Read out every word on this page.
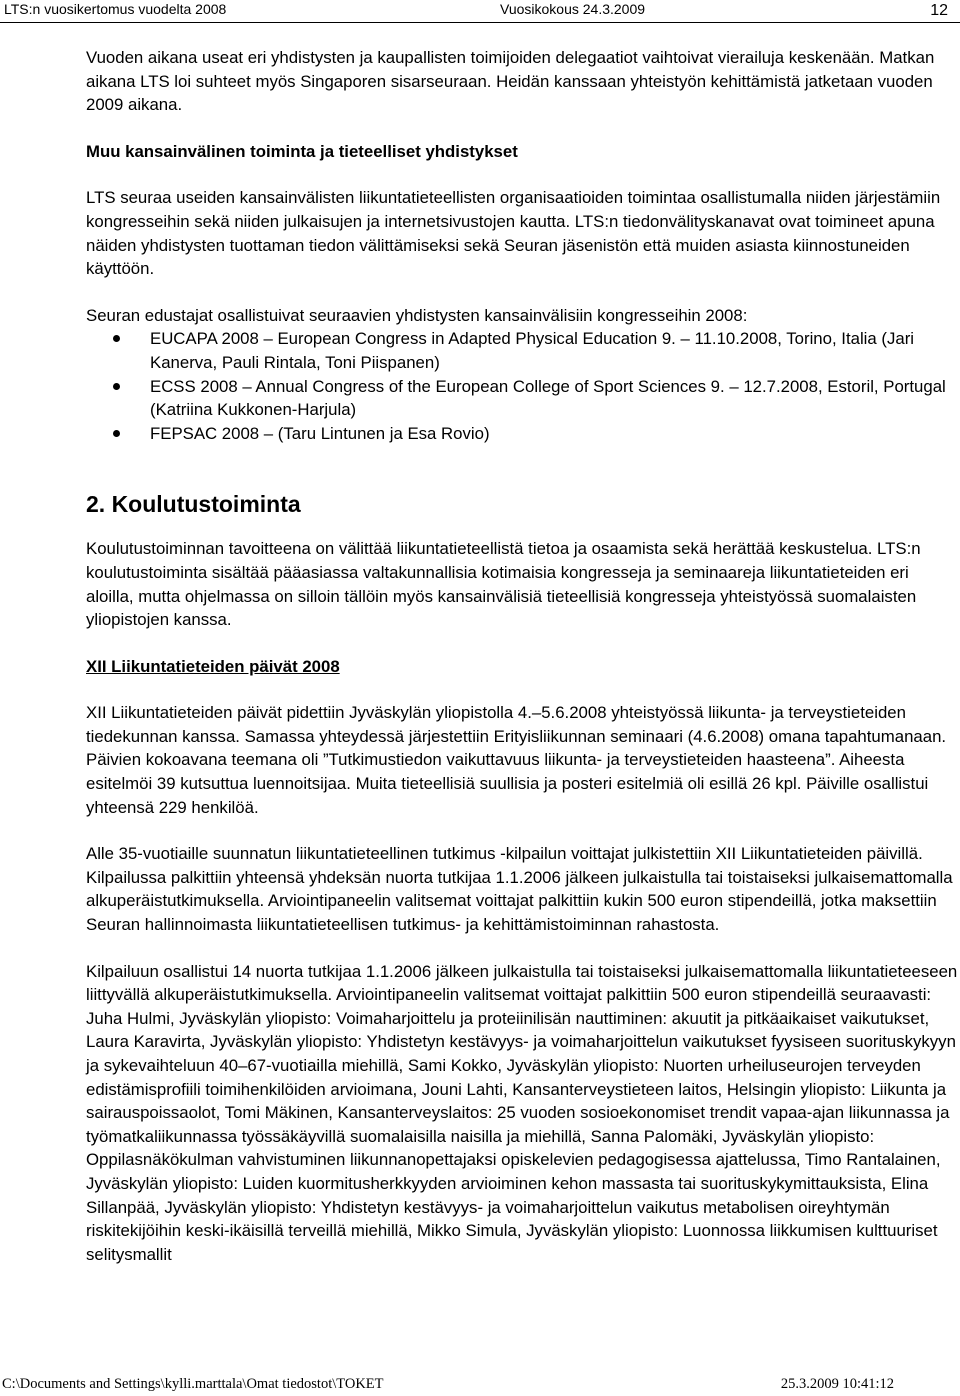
LTS:n vuosikertomus vuodelta 2008	Vuosikokous 24.3.2009	12

Vuoden aikana useat eri yhdistysten ja kaupallisten toimijoiden delegaatiot vaihtoivat vierailuja keskenään. Matkan aikana LTS loi suhteet myös Singaporen sisarseuraan. Heidän kanssaan yhteistyön kehittämistä jatketaan vuoden 2009 aikana.

Muu kansainvälinen toiminta ja tieteelliset yhdistykset

LTS seuraa useiden kansainvälisten liikuntatieteellisten organisaatioiden toimintaa osallistumalla niiden järjestämiin kongresseihin sekä niiden julkaisujen ja internetsivustojen kautta. LTS:n tiedonvälityskanavat ovat toimineet apuna näiden yhdistysten tuottaman tiedon välittämiseksi sekä Seuran jäsenistön että muiden asiasta kiinnostuneiden käyttöön.

Seuran edustajat osallistuivat seuraavien yhdistysten kansainvälisiin kongresseihin 2008:

EUCAPA 2008 – European Congress in Adapted Physical Education 9. – 11.10.2008, Torino, Italia (Jari Kanerva, Pauli Rintala, Toni Piispanen)
ECSS 2008 – Annual Congress of the European College of Sport Sciences 9. – 12.7.2008, Estoril, Portugal (Katriina Kukkonen-Harjula)
FEPSAC 2008 – (Taru Lintunen ja Esa Rovio)

2. Koulutustoiminta

Koulutustoiminnan tavoitteena on välittää liikuntatieteellistä tietoa ja osaamista sekä herättää keskustelua. LTS:n koulutustoiminta sisältää pääasiassa valtakunnallisia kotimaisia kongresseja ja seminaareja liikuntatieteiden eri aloilla, mutta ohjelmassa on silloin tällöin myös kansainvälisiä tieteellisiä kongresseja yhteistyössä suomalaisten yliopistojen kanssa.

XII Liikuntatieteiden päivät 2008

XII Liikuntatieteiden päivät pidettiin Jyväskylän yliopistolla 4.–5.6.2008 yhteistyössä liikunta- ja terveystieteiden tiedekunnan kanssa. Samassa yhteydessä järjestettiin Erityisliikunnan seminaari (4.6.2008) omana tapahtumanaan. Päivien kokoavana teemana oli ”Tutkimustiedon vaikuttavuus liikunta- ja terveystieteiden haasteena”. Aiheesta esitelmöi 39 kutsuttua luennoitsijaa. Muita tieteellisiä suullisia ja posteri esitelmiä oli esillä 26 kpl. Päiville osallistui yhteensä 229 henkilöä.

Alle 35-vuotiaille suunnatun liikuntatieteellinen tutkimus -kilpailun voittajat julkistettiin XII Liikuntatieteiden päivillä. Kilpailussa palkittiin yhteensä yhdeksän nuorta tutkijaa 1.1.2006 jälkeen julkaistulla tai toistaiseksi julkaisemattomalla alkuperäistutkimuksella. Arviointipaneelin valitsemat voittajat palkittiin kukin 500 euron stipendeillä, jotka maksettiin Seuran hallinnoimasta liikuntatieteellisen tutkimus- ja kehittämistoiminnan rahastosta.

Kilpailuun osallistui 14 nuorta tutkijaa 1.1.2006 jälkeen julkaistulla tai toistaiseksi julkaisemattomalla liikuntatieteeseen liittyvällä alkuperäistutkimuksella. Arviointipaneelin valitsemat voittajat palkittiin 500 euron stipendeillä seuraavasti: Juha Hulmi, Jyväskylän yliopisto: Voimaharjoittelu ja proteiinilisän nauttiminen: akuutit ja pitkäaikaiset vaikutukset, Laura Karavirta, Jyväskylän yliopisto: Yhdistetyn kestävyys- ja voimaharjoittelun vaikutukset fyysiseen suorituskykyyn ja sykevaihteluun 40–67-vuotiailla miehillä, Sami Kokko, Jyväskylän yliopisto: Nuorten urheiluseurojen terveyden edistämisprofiili toimihenkilöiden arvioimana, Jouni Lahti, Kansanterveystieteen laitos, Helsingin yliopisto: Liikunta ja sairauspoissaolot, Tomi Mäkinen, Kansanterveyslaitos: 25 vuoden sosioekonomiset trendit vapaa-ajan liikunnassa ja työmatkaliikunnassa työssäkäyvillä suomalaisilla naisilla ja miehillä, Sanna Palomäki, Jyväskylän yliopisto: Oppilasnäkökulman vahvistuminen liikunnanopettajaksi opiskelevien pedagogisessa ajattelussa, Timo Rantalainen, Jyväskylän yliopisto: Luiden kuormitusherkkyyden arvioiminen kehon massasta tai suorituskykymittauksista, Elina Sillanpää, Jyväskylän yliopisto: Yhdistetyn kestävyys- ja voimaharjoittelun vaikutus metabolisen oireyhtymän riskitekijöihin keski-ikäisillä terveillä miehillä, Mikko Simula, Jyväskylän yliopisto: Luonnossa liikkumisen kulttuuriset selitysmallit

C:\Documents and Settings\kylli.marttala\Omat tiedostot\TOKET	25.3.2009 10:41:12
